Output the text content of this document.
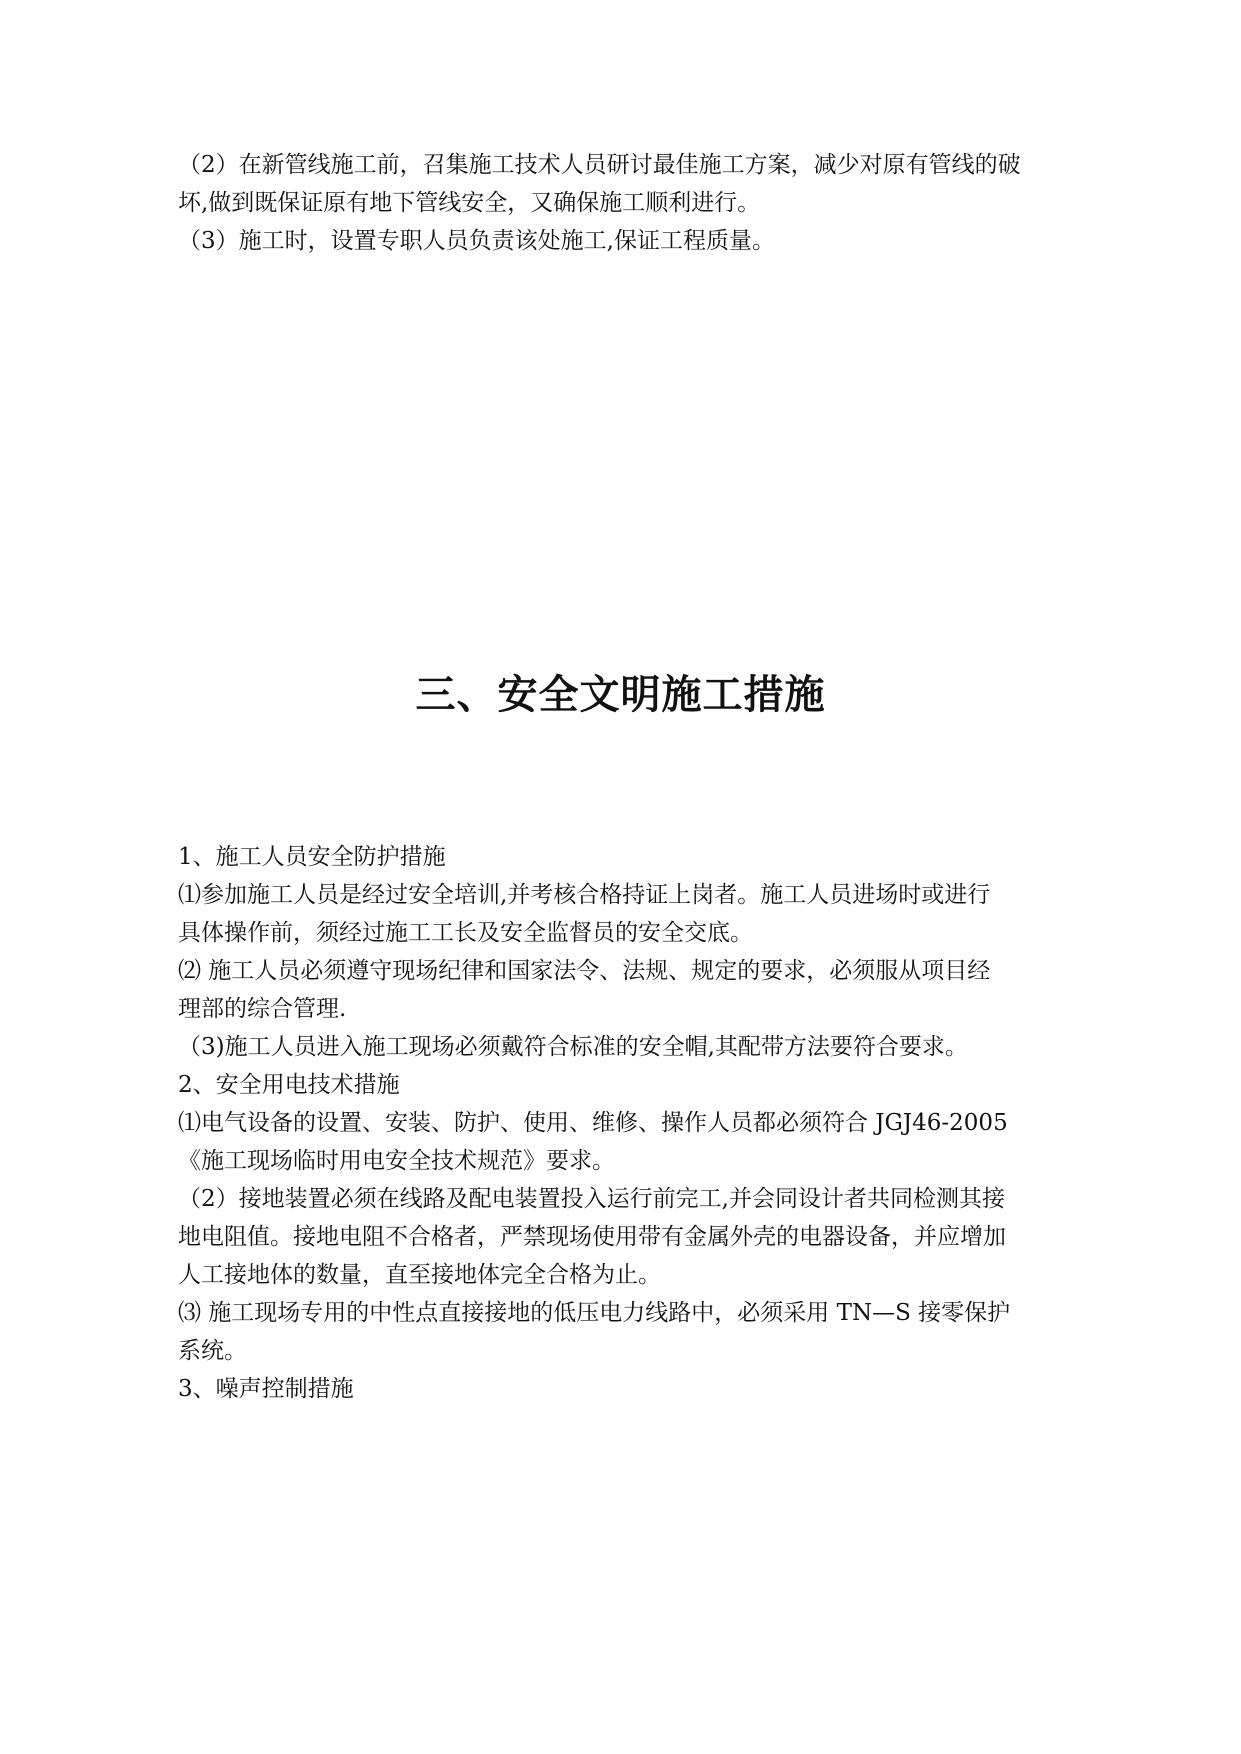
（2）在新管线施工前，召集施工技术人员研讨最佳施工方案，减少对原有管线的破
坏,做到既保证原有地下管线安全，又确保施工顺利进行。

（3）施工时，设置专职人员负责该处施工,保证工程质量。

三、安全文明施工措施

1、施工人员安全防护措施

⑴参加施工人员是经过安全培训,并考核合格持证上岗者。施工人员进场时或进行
具体操作前，须经过施工工长及安全监督员的安全交底。

⑵ 施工人员必须遵守现场纪律和国家法令、法规、规定的要求，必须服从项目经
理部的综合管理.

（3)施工人员进入施工现场必须戴符合标准的安全帽,其配带方法要符合要求。

2、安全用电技术措施

⑴电气设备的设置、安装、防护、使用、维修、操作人员都必须符合 JGJ46-2005
《施工现场临时用电安全技术规范》要求。

（2）接地装置必须在线路及配电装置投入运行前完工,并会同设计者共同检测其接
地电阻值。接地电阻不合格者，严禁现场使用带有金属外壳的电器设备，并应增加
人工接地体的数量，直至接地体完全合格为止。

⑶ 施工现场专用的中性点直接接地的低压电力线路中，必须采用 TN—S 接零保护
系统。

3、噪声控制措施
